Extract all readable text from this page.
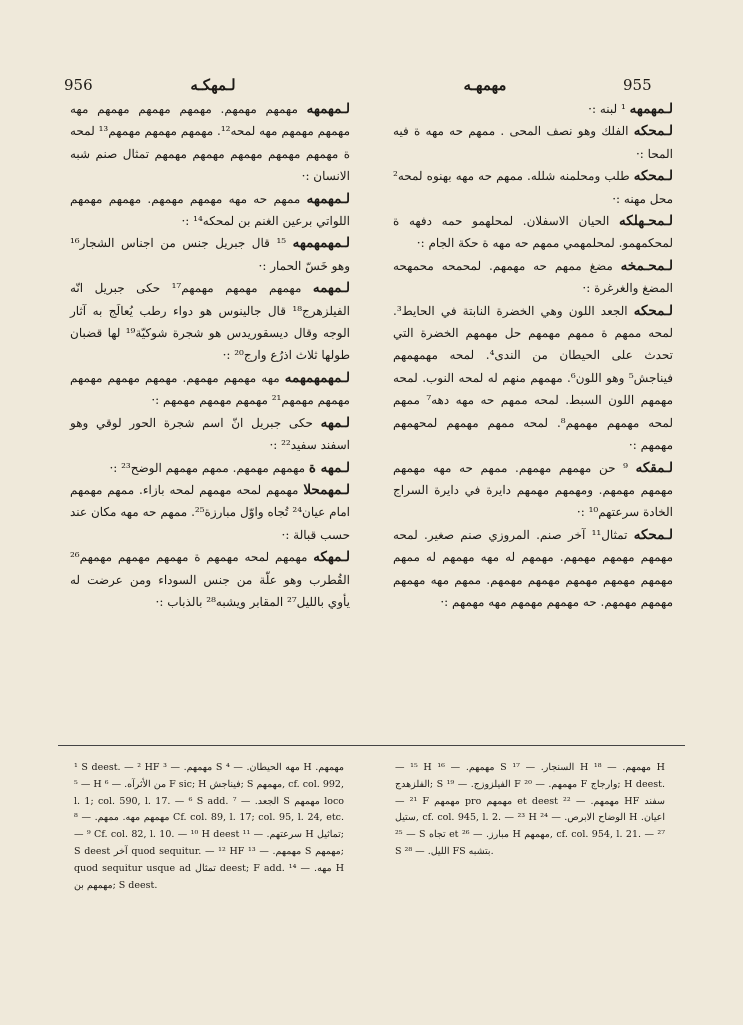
956	لـمهكـه	مهمهـه	955

لـمهمهه مهمهم مهمهم. مهمهم مهمهم مهمهم مهه مهمهم مهمهم مهه لمحه¹². مهمهم مهمهم مهمهم¹³ لمحه ة مهمهم مهمهم مهمهم مهمهم مهمهم تمثال صنم شبه الانسان :·

لـمهمهه ممهم حه مهه مهمهم مهمهم. مهمهم مهمهم اللواتي برعين الغنم بن لمحكه¹⁴ :·

لـمهمهمهه ¹⁵ قال جبريل جنس من اجناس الشجار¹⁶ وهو خَسّ الحمار :·

لـمهمه مهمهم مهمهم مهمهم¹⁷ حكى جبريل انّه الفيلزهرج¹⁸ قال جالينوس هو دواء رطب يُعالَج به آثار الوجه وقال ديسقوريدس هو شجرة شوكيّة¹⁹ لها قضبان طولها ثلاث اذرُع وارج²⁰ :·

لـمهمهمهمه مهه مهمهم مهمهم. مهمهم مهمهم مهمهم مهمهم مهمهم²¹ مهمهم مهمهم مهمهم :·

لـمهه حكى جبريل انّ اسم شجرة الحور لوقي وهو اسفند سفيد²² :·

لـمهه ة مهمهم مهمهم. ممهم مهمهم الوضح²³ :·

لـمهمحلا مهمهم لمحه مهمهم لمحه بازاء. ممهم مهمهم امام عيان²⁴ تُجاه واوّل مبارزة²⁵. ممهم حه مهه مكان عند حسب قبالة :·

لـمهكه مهمهم لمحه مهمهم ة مهمهم مهمهم مهمهم²⁶ القُطرب وهو علّة من جنس السوداء ومن عرضت له يأوي بالليل²⁷ المقابر ويشبه²⁸ بالذباب :·

لـمهمهه ¹ لبنه :·

لـمحكه الفلك وهو نصف المحى . ممهم حه مهه ة فيه المحا :·

لـمحكه طلب ومحلمنه شلله. ممهم حه مهه بهنوه لمحه² محل مهنه :·

لـمحـهلكه الحيان الاسفلان. لمحلهمو حمه دفهه ة لمحكمهمو. لمحلمهمي ممهم حه مهه ة حكة الجام :·

لـمحـمخه مضغ ممهم حه مهمهم. لمحمحه محمهحه المضغ والغرغرة :·

لـمحكه الجعد اللون وهي الخضرة النابتة في الحايط³. لمحه ممهم ة ممهم مهمهم حل مهمهم الخضرة التي تحدث على الحيطان من الندى⁴. لمحه مهمهمهم فيناجش⁵ وهو اللون⁶. مهمهم منهم له لمحه النوب. لمحه مهمهم اللون السبط. لمحه ممهم حه مهه دهه⁷ ممهم لمحه مهمهم مهمهم⁸. لمحه ممهم مهمهم لمحهمهم مهمهم :·

لـمقكه ⁹ حن مهمهم مهمهم. ممهم حه مهه مهمهم مهمهم مهمهم. ومهمهم مهمهم دايرة في دايرة السراج الخادة سرعتهم¹⁰ :·

لـمحكه تمثال¹¹ آخر صنم. المروزي صنم صغير. لمحه مهمهم مهمهم مهمهم. مهمهم له مهه مهمهم له ممهم مهمهم مهمهم مهمهم مهمهم مهمهم. ممهم مهه مهمهم مهمهم مهمهم. حه مهمهم مهمهم مهه مهمهم :·

¹ S deest. — ² HF مهمهم. — ³ S مهه الحيطان. — ⁴ H مهمهم. — ⁵ H من الأثرآه. — ⁶ F sic; H فيناجش; S مهمهم, cf. col. 992, l. 1; col. 590, l. 17. — ⁶ S add. الجعد. — ⁷ S مهمهم loco مهمهم مهه. ممهم. — ⁸ Cf. col. 89, l. 17; col. 95, l. 24, etc. — ⁹ Cf. col. 82, l. 10. — ¹⁰ H deest سرعتهم. — ¹¹ H تماثيل; S deest آخر quod sequitur. — ¹² HF مهمهم. — ¹³ S مهمهم; quod sequitur usque ad تمثال deest; F add. مهه. — ¹⁴ H مهمهم بن; S deest.
— ¹⁵ H مهمهم. — ¹⁶ S السنجار. — ¹⁷ H مهمهم. — ¹⁸ H الفلزهدج; S الفيلزوزج. — ¹⁹ F مهمهم. — ²⁰ F وارجاج; H deest. — ²¹ F مهمهم pro مهمهم et deest مهمهم. — ²² HF سفند ستيل, cf. col. 945, l. 2. — ²³ H الوضاح الابرص. — ²⁴ H اعيان. — ²⁵ S تجاه et مبارز. — ²⁶ H مهمهم, cf. col. 954, l. 21. — ²⁷ S الليل. — ²⁸ FS بتشبه.
